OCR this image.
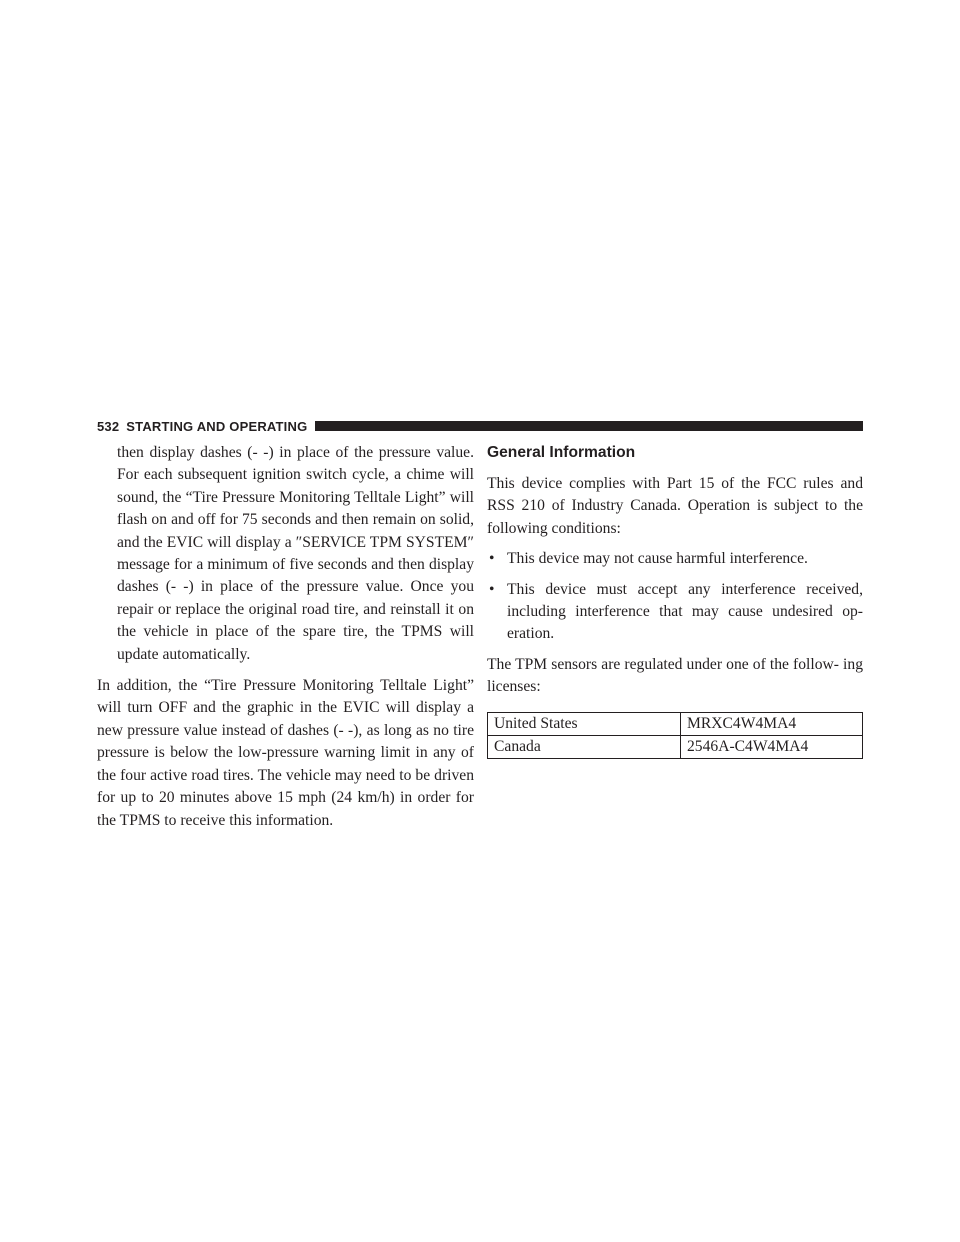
532 STARTING AND OPERATING

then display dashes (- -) in place of the pressure value. For each subsequent ignition switch cycle, a chime will sound, the “Tire Pressure Monitoring Telltale Light” will flash on and off for 75 seconds and then remain on solid, and the EVIC will display a ″SERVICE TPM SYSTEM″ message for a minimum of five seconds and then display dashes (- -) in place of the pressure value. Once you repair or replace the original road tire, and reinstall it on the vehicle in place of the spare tire, the TPMS will update automatically.

In addition, the “Tire Pressure Monitoring Telltale Light” will turn OFF and the graphic in the EVIC will display a new pressure value instead of dashes (- -), as long as no tire pressure is below the low-pressure warning limit in any of the four active road tires. The vehicle may need to be driven for up to 20 minutes above 15 mph (24 km/h) in order for the TPMS to receive this information.

General Information

This device complies with Part 15 of the FCC rules and RSS 210 of Industry Canada. Operation is subject to the following conditions:

• This device may not cause harmful interference.
• This device must accept any interference received, including interference that may cause undesired op- eration.

The TPM sensors are regulated under one of the follow- ing licenses:

United States	MRXC4W4MA4
Canada	2546A-C4W4MA4
